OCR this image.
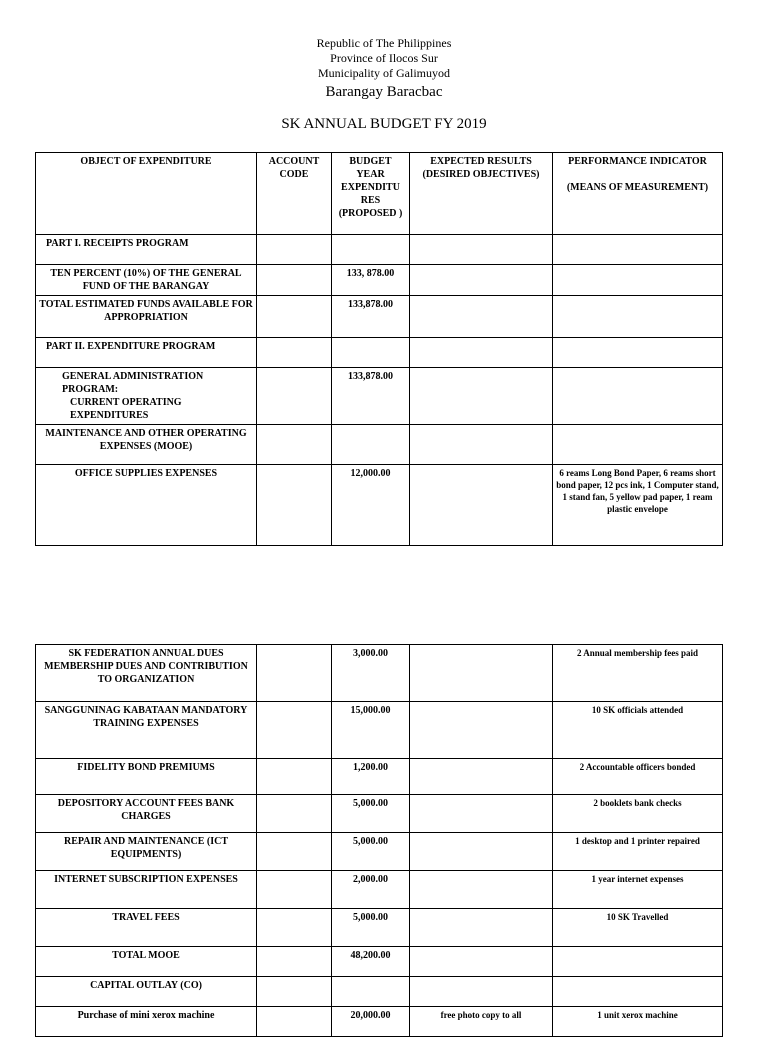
Republic of The Philippines
Province of Ilocos Sur
Municipality of Galimuyod
Barangay Baracbac
SK ANNUAL BUDGET FY 2019
OBJECT OF EXPENDITURE	ACCOUNT CODE	BUDGET YEAR EXPENDITU RES (PROPOSED )	EXPECTED RESULTS (DESIRED OBJECTIVES)	PERFORMANCE INDICATOR
(MEANS OF MEASUREMENT)

PART I. RECEIPTS PROGRAM				
TEN PERCENT (10%) OF THE GENERAL FUND OF THE BARANGAY		133, 878.00		
TOTAL ESTIMATED FUNDS AVAILABLE FOR APPROPRIATION		133,878.00		
PART II. EXPENDITURE PROGRAM				

GENERAL ADMINISTRATION PROGRAM:
CURRENT OPERATING EXPENDITURES		133,878.00		
MAINTENANCE AND OTHER OPERATING EXPENSES (MOOE)				
OFFICE SUPPLIES EXPENSES		12,000.00		6 reams Long Bond Paper, 6 reams short bond paper, 12 pcs ink, 1 Computer stand, 1 stand fan, 5 yellow pad paper, 1 ream plastic envelope
SK FEDERATION ANNUAL DUES MEMBERSHIP DUES AND CONTRIBUTION TO ORGANIZATION		3,000.00		2 Annual membership fees paid
SANGGUNINAG KABATAAN MANDATORY TRAINING EXPENSES		15,000.00		10 SK officials attended
FIDELITY BOND PREMIUMS		1,200.00		2 Accountable officers bonded
DEPOSITORY ACCOUNT FEES BANK CHARGES		5,000.00		2 booklets bank checks
REPAIR AND MAINTENANCE (ICT EQUIPMENTS)		5,000.00		1 desktop and 1 printer repaired
INTERNET SUBSCRIPTION EXPENSES		2,000.00		1 year internet expenses
TRAVEL FEES		5,000.00		10 SK Travelled
TOTAL MOOE		48,200.00		
CAPITAL OUTLAY (CO)				
Purchase of mini xerox machine		20,000.00	free photo copy to all	1 unit xerox machine
